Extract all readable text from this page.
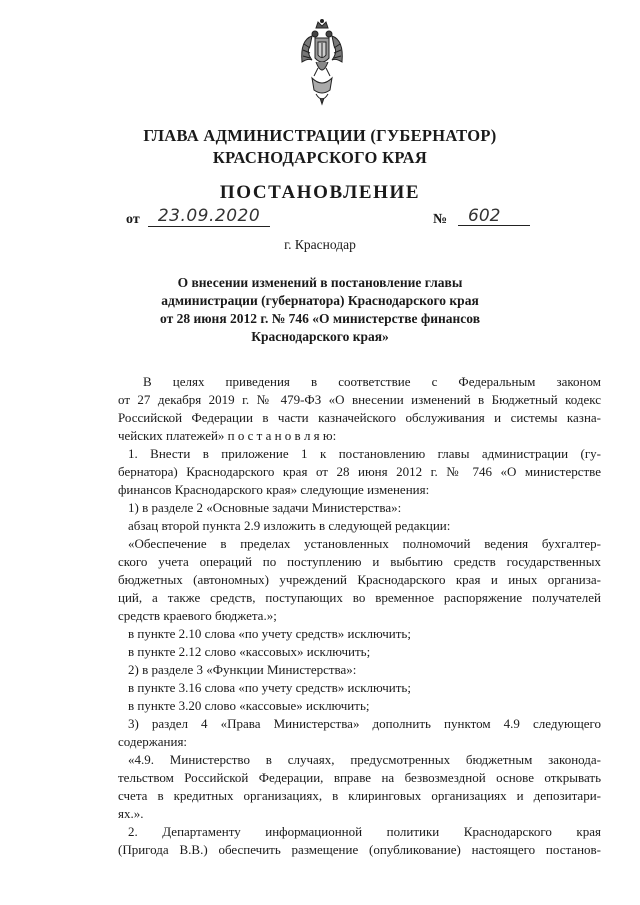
ГЛАВА АДМИНИСТРАЦИИ (ГУБЕРНАТОР)
КРАСНОДАРСКОГО КРАЯ
ПОСТАНОВЛЕНИЕ
от	23.09.2020	№	602
г. Краснодар
О внесении изменений в постановление главы
администрации (губернатора) Краснодарского края
от 28 июня 2012 г. № 746 «О министерстве финансов
Краснодарского края»

В целях приведения в соответствие с Федеральным законом

от 27 декабря 2019 г. № 479-ФЗ «О внесении изменений в Бюджетный кодекс

Российской Федерации в части казначейского обслуживания и системы казна-

чейских платежей» п о с т а н о в л я ю:

1. Внести в приложение 1 к постановлению главы администрации (гу-

бернатора) Краснодарского края от 28 июня 2012 г. № 746 «О министерстве

финансов Краснодарского края» следующие изменения:

1) в разделе 2 «Основные задачи Министерства»:

абзац второй пункта 2.9 изложить в следующей редакции:

«Обеспечение в пределах установленных полномочий ведения бухгалтер-

ского учета операций по поступлению и выбытию средств государственных

бюджетных (автономных) учреждений Краснодарского края и иных организа-

ций, а также средств, поступающих во временное распоряжение получателей

средств краевого бюджета.»;

в пункте 2.10 слова «по учету средств» исключить;

в пункте 2.12 слово «кассовых» исключить;

2) в разделе 3 «Функции Министерства»:

в пункте 3.16 слова «по учету средств» исключить;

в пункте 3.20 слово «кассовые» исключить;

3) раздел 4 «Права Министерства» дополнить пунктом 4.9 следующего

содержания:

«4.9. Министерство в случаях, предусмотренных бюджетным законода-

тельством Российской Федерации, вправе на безвозмездной основе открывать

счета в кредитных организациях, в клиринговых организациях и депозитари-

ях.».

2. Департаменту информационной политики Краснодарского края

(Пригода В.В.) обеспечить размещение (опубликование) настоящего постанов-
